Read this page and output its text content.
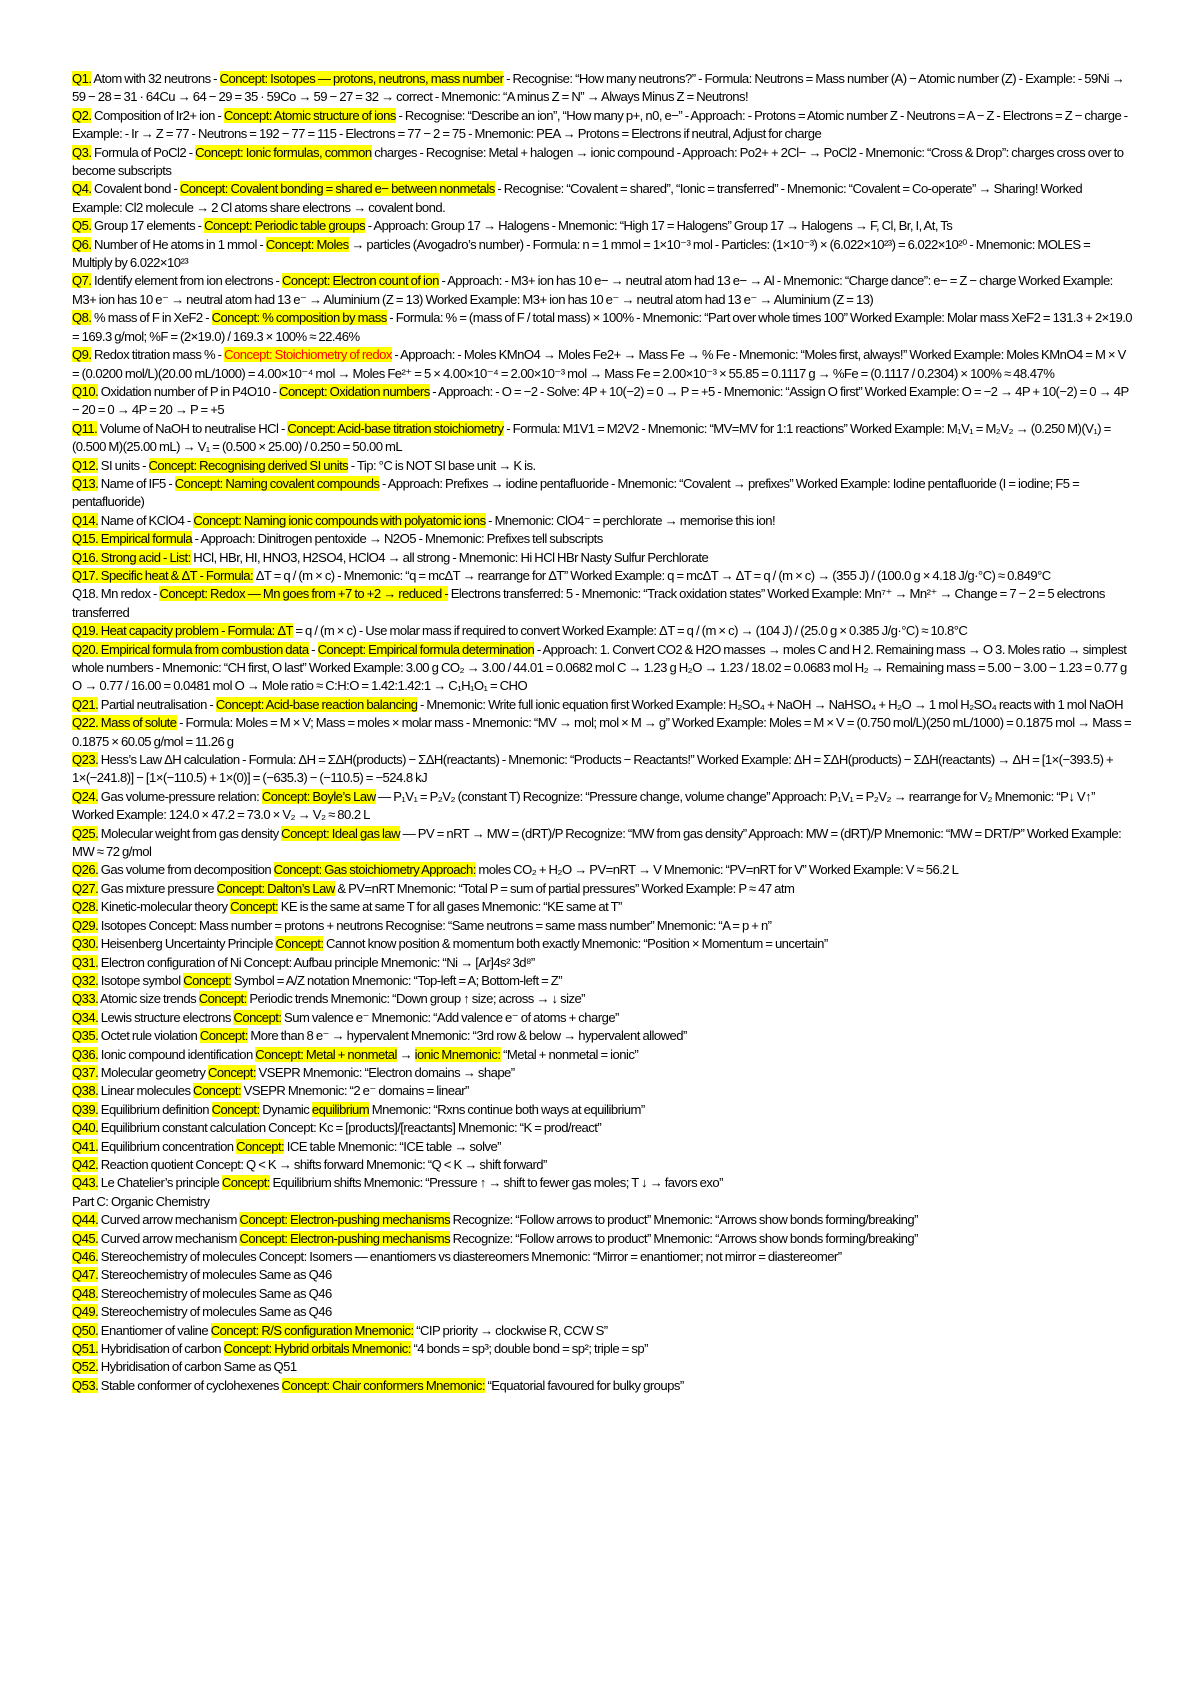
Q1. Atom with 32 neutrons - Concept: Isotopes — protons, neutrons, mass number - Recognise: “How many neutrons?” - Formula: Neutrons = Mass number (A) − Atomic number (Z) - Example: - 59Ni → 59 − 28 = 31 · 64Cu → 64 − 29 = 35 · 59Co → 59 − 27 = 32 → correct - Mnemonic: “A minus Z = N” → Always Minus Z = Neutrons!
Q2. Composition of Ir2+ ion - Concept: Atomic structure of ions - Recognise: “Describe an ion”, “How many p+, n0, e−” - Approach: - Protons = Atomic number Z - Neutrons = A − Z - Electrons = Z − charge - Example: - Ir → Z = 77 - Neutrons = 192 − 77 = 115 - Electrons = 77 − 2 = 75 - Mnemonic: PEA → Protons = Electrons if neutral, Adjust for charge
Q3. Formula of PoCl2 - Concept: Ionic formulas, common charges - Recognise: Metal + halogen → ionic compound - Approach: Po2+ + 2Cl− → PoCl2 - Mnemonic: “Cross & Drop”: charges cross over to become subscripts
Q4. Covalent bond - Concept: Covalent bonding = shared e− between nonmetals - Recognise: “Covalent = shared”, “Ionic = transferred” - Mnemonic: “Covalent = Co-operate” → Sharing! Worked Example: Cl2 molecule → 2 Cl atoms share electrons → covalent bond.
Q5. Group 17 elements - Concept: Periodic table groups - Approach: Group 17 → Halogens - Mnemonic: “High 17 = Halogens” Group 17 → Halogens → F, Cl, Br, I, At, Ts
Q6. Number of He atoms in 1 mmol - Concept: Moles → particles (Avogadro’s number) - Formula: n = 1 mmol = 1×10⁻³ mol - Particles: (1×10⁻³) × (6.022×10²³) = 6.022×10²⁰ - Mnemonic: MOLES = Multiply by 6.022×10²³
Q7. Identify element from ion electrons - Concept: Electron count of ion - Approach: - M3+ ion has 10 e− → neutral atom had 13 e− → Al - Mnemonic: “Charge dance”: e− = Z − charge Worked Example: M3+ ion has 10 e⁻ → neutral atom had 13 e⁻ → Aluminium (Z = 13) Worked Example: M3+ ion has 10 e⁻ → neutral atom had 13 e⁻ → Aluminium (Z = 13)
Q8. % mass of F in XeF2 - Concept: % composition by mass - Formula: % = (mass of F / total mass) × 100% - Mnemonic: “Part over whole times 100” Worked Example: Molar mass XeF2 = 131.3 + 2×19.0 = 169.3 g/mol; %F = (2×19.0) / 169.3 × 100% ≈ 22.46%
Q9. Redox titration mass % - Concept: Stoichiometry of redox - Approach: - Moles KMnO4 → Moles Fe2+ → Mass Fe → % Fe - Mnemonic: “Moles first, always!” Worked Example: Moles KMnO4 = M × V = (0.0200 mol/L)(20.00 mL/1000) = 4.00×10⁻⁴ mol → Moles Fe²⁺ = 5 × 4.00×10⁻⁴ = 2.00×10⁻³ mol → Mass Fe = 2.00×10⁻³ × 55.85 = 0.1117 g → %Fe = (0.1117 / 0.2304) × 100% ≈ 48.47%
Q10. Oxidation number of P in P4O10 - Concept: Oxidation numbers - Approach: - O = −2 - Solve: 4P + 10(−2) = 0 → P = +5 - Mnemonic: “Assign O first” Worked Example: O = −2 → 4P + 10(−2) = 0 → 4P − 20 = 0 → 4P = 20 → P = +5
Q11. Volume of NaOH to neutralise HCl - Concept: Acid-base titration stoichiometry - Formula: M1V1 = M2V2 - Mnemonic: “MV=MV for 1:1 reactions” Worked Example: M₁V₁ = M₂V₂ → (0.250 M)(V₁) = (0.500 M)(25.00 mL) → V₁ = (0.500 × 25.00) / 0.250 = 50.00 mL
Q12. SI units - Concept: Recognising derived SI units - Tip: °C is NOT SI base unit → K is.
Q13. Name of IF5 - Concept: Naming covalent compounds - Approach: Prefixes → iodine pentafluoride - Mnemonic: “Covalent → prefixes” Worked Example: Iodine pentafluoride (I = iodine; F5 = pentafluoride)
Q14. Name of KClO4 - Concept: Naming ionic compounds with polyatomic ions - Mnemonic: ClO4⁻ = perchlorate → memorise this ion!
Q15. Empirical formula - Approach: Dinitrogen pentoxide → N2O5 - Mnemonic: Prefixes tell subscripts
Q16. Strong acid - List: HCl, HBr, HI, HNO3, H2SO4, HClO4 → all strong - Mnemonic: Hi HCl HBr Nasty Sulfur Perchlorate
Q17. Specific heat & ΔT - Formula: ΔT = q / (m × c) - Mnemonic: “q = mcΔT → rearrange for ΔT” Worked Example: q = mcΔT → ΔT = q / (m × c) → (355 J) / (100.0 g × 4.18 J/g·°C) ≈ 0.849°C
Q18. Mn redox - Concept: Redox — Mn goes from +7 to +2 → reduced - Electrons transferred: 5 - Mnemonic: “Track oxidation states” Worked Example: Mn⁷⁺ → Mn²⁺ → Change = 7 − 2 = 5 electrons transferred
Q19. Heat capacity problem - Formula: ΔT = q / (m × c) - Use molar mass if required to convert Worked Example: ΔT = q / (m × c) → (104 J) / (25.0 g × 0.385 J/g·°C) ≈ 10.8°C
Q20. Empirical formula from combustion data - Concept: Empirical formula determination - Approach: 1. Convert CO2 & H2O masses → moles C and H 2. Remaining mass → O 3. Moles ratio → simplest whole numbers - Mnemonic: “CH first, O last” Worked Example: 3.00 g CO₂ → 3.00 / 44.01 = 0.0682 mol C → 1.23 g H₂O → 1.23 / 18.02 = 0.0683 mol H₂ → Remaining mass = 5.00 − 3.00 − 1.23 = 0.77 g O → 0.77 / 16.00 = 0.0481 mol O → Mole ratio ≈ C:H:O = 1.42:1.42:1 → C₁H₁O₁ = CHO
Q21. Partial neutralisation - Concept: Acid-base reaction balancing - Mnemonic: Write full ionic equation first Worked Example: H₂SO₄ + NaOH → NaHSO₄ + H₂O → 1 mol H₂SO₄ reacts with 1 mol NaOH
Q22. Mass of solute - Formula: Moles = M × V; Mass = moles × molar mass - Mnemonic: “MV → mol; mol × M → g” Worked Example: Moles = M × V = (0.750 mol/L)(250 mL/1000) = 0.1875 mol → Mass = 0.1875 × 60.05 g/mol = 11.26 g
Q23. Hess’s Law ΔH calculation - Formula: ΔH = ΣΔH(products) − ΣΔH(reactants) - Mnemonic: “Products − Reactants!” Worked Example: ΔH = ΣΔH(products) − ΣΔH(reactants) → ΔH = [1×(−393.5) + 1×(−241.8)] − [1×(−110.5) + 1×(0)] = (−635.3) − (−110.5) = −524.8 kJ
Q24. Gas volume-pressure relation: Concept: Boyle’s Law — P₁V₁ = P₂V₂ (constant T) Recognize: “Pressure change, volume change” Approach: P₁V₁ = P₂V₂ → rearrange for V₂ Mnemonic: “P↓ V↑” Worked Example: 124.0 × 47.2 = 73.0 × V₂ → V₂ ≈ 80.2 L
Q25. Molecular weight from gas density Concept: Ideal gas law — PV = nRT → MW = (dRT)/P Recognize: “MW from gas density” Approach: MW = (dRT)/P Mnemonic: “MW = DRT/P” Worked Example: MW ≈ 72 g/mol
Q26. Gas volume from decomposition Concept: Gas stoichiometry Approach: moles CO₂ + H₂O → PV=nRT → V Mnemonic: “PV=nRT for V” Worked Example: V ≈ 56.2 L
Q27. Gas mixture pressure Concept: Dalton’s Law & PV=nRT Mnemonic: “Total P = sum of partial pressures” Worked Example: P ≈ 47 atm
Q28. Kinetic-molecular theory Concept: KE is the same at same T for all gases Mnemonic: “KE same at T”
Q29. Isotopes Concept: Mass number = protons + neutrons Recognise: “Same neutrons = same mass number” Mnemonic: “A = p + n”
Q30. Heisenberg Uncertainty Principle Concept: Cannot know position & momentum both exactly Mnemonic: “Position × Momentum = uncertain”
Q31. Electron configuration of Ni Concept: Aufbau principle Mnemonic: “Ni → [Ar]4s² 3d⁸”
Q32. Isotope symbol Concept: Symbol = A/Z notation Mnemonic: “Top-left = A; Bottom-left = Z”
Q33. Atomic size trends Concept: Periodic trends Mnemonic: “Down group ↑ size; across → ↓ size”
Q34. Lewis structure electrons Concept: Sum valence e⁻ Mnemonic: “Add valence e⁻ of atoms + charge”
Q35. Octet rule violation Concept: More than 8 e⁻ → hypervalent Mnemonic: “3rd row & below → hypervalent allowed”
Q36. Ionic compound identification Concept: Metal + nonmetal → ionic Mnemonic: “Metal + nonmetal = ionic”
Q37. Molecular geometry Concept: VSEPR Mnemonic: “Electron domains → shape”
Q38. Linear molecules Concept: VSEPR Mnemonic: “2 e⁻ domains = linear”
Q39. Equilibrium definition Concept: Dynamic equilibrium Mnemonic: “Rxns continue both ways at equilibrium”
Q40. Equilibrium constant calculation Concept: Kc = [products]/[reactants] Mnemonic: “K = prod/react”
Q41. Equilibrium concentration Concept: ICE table Mnemonic: “ICE table → solve”
Q42. Reaction quotient Concept: Q < K → shifts forward Mnemonic: “Q < K → shift forward”
Q43. Le Chatelier’s principle Concept: Equilibrium shifts Mnemonic: “Pressure ↑ → shift to fewer gas moles; T ↓ → favors exo”
Part C: Organic Chemistry
Q44. Curved arrow mechanism Concept: Electron-pushing mechanisms Recognize: “Follow arrows to product” Mnemonic: “Arrows show bonds forming/breaking”
Q45. Curved arrow mechanism Concept: Electron-pushing mechanisms Recognize: “Follow arrows to product” Mnemonic: “Arrows show bonds forming/breaking”
Q46. Stereochemistry of molecules Concept: Isomers — enantiomers vs diastereomers Mnemonic: “Mirror = enantiomer; not mirror = diastereomer”
Q47. Stereochemistry of molecules Same as Q46
Q48. Stereochemistry of molecules Same as Q46
Q49. Stereochemistry of molecules Same as Q46
Q50. Enantiomer of valine Concept: R/S configuration Mnemonic: “CIP priority → clockwise R, CCW S”
Q51. Hybridisation of carbon Concept: Hybrid orbitals Mnemonic: “4 bonds = sp³; double bond = sp²; triple = sp”
Q52. Hybridisation of carbon Same as Q51
Q53. Stable conformer of cyclohexenes Concept: Chair conformers Mnemonic: “Equatorial favoured for bulky groups”
